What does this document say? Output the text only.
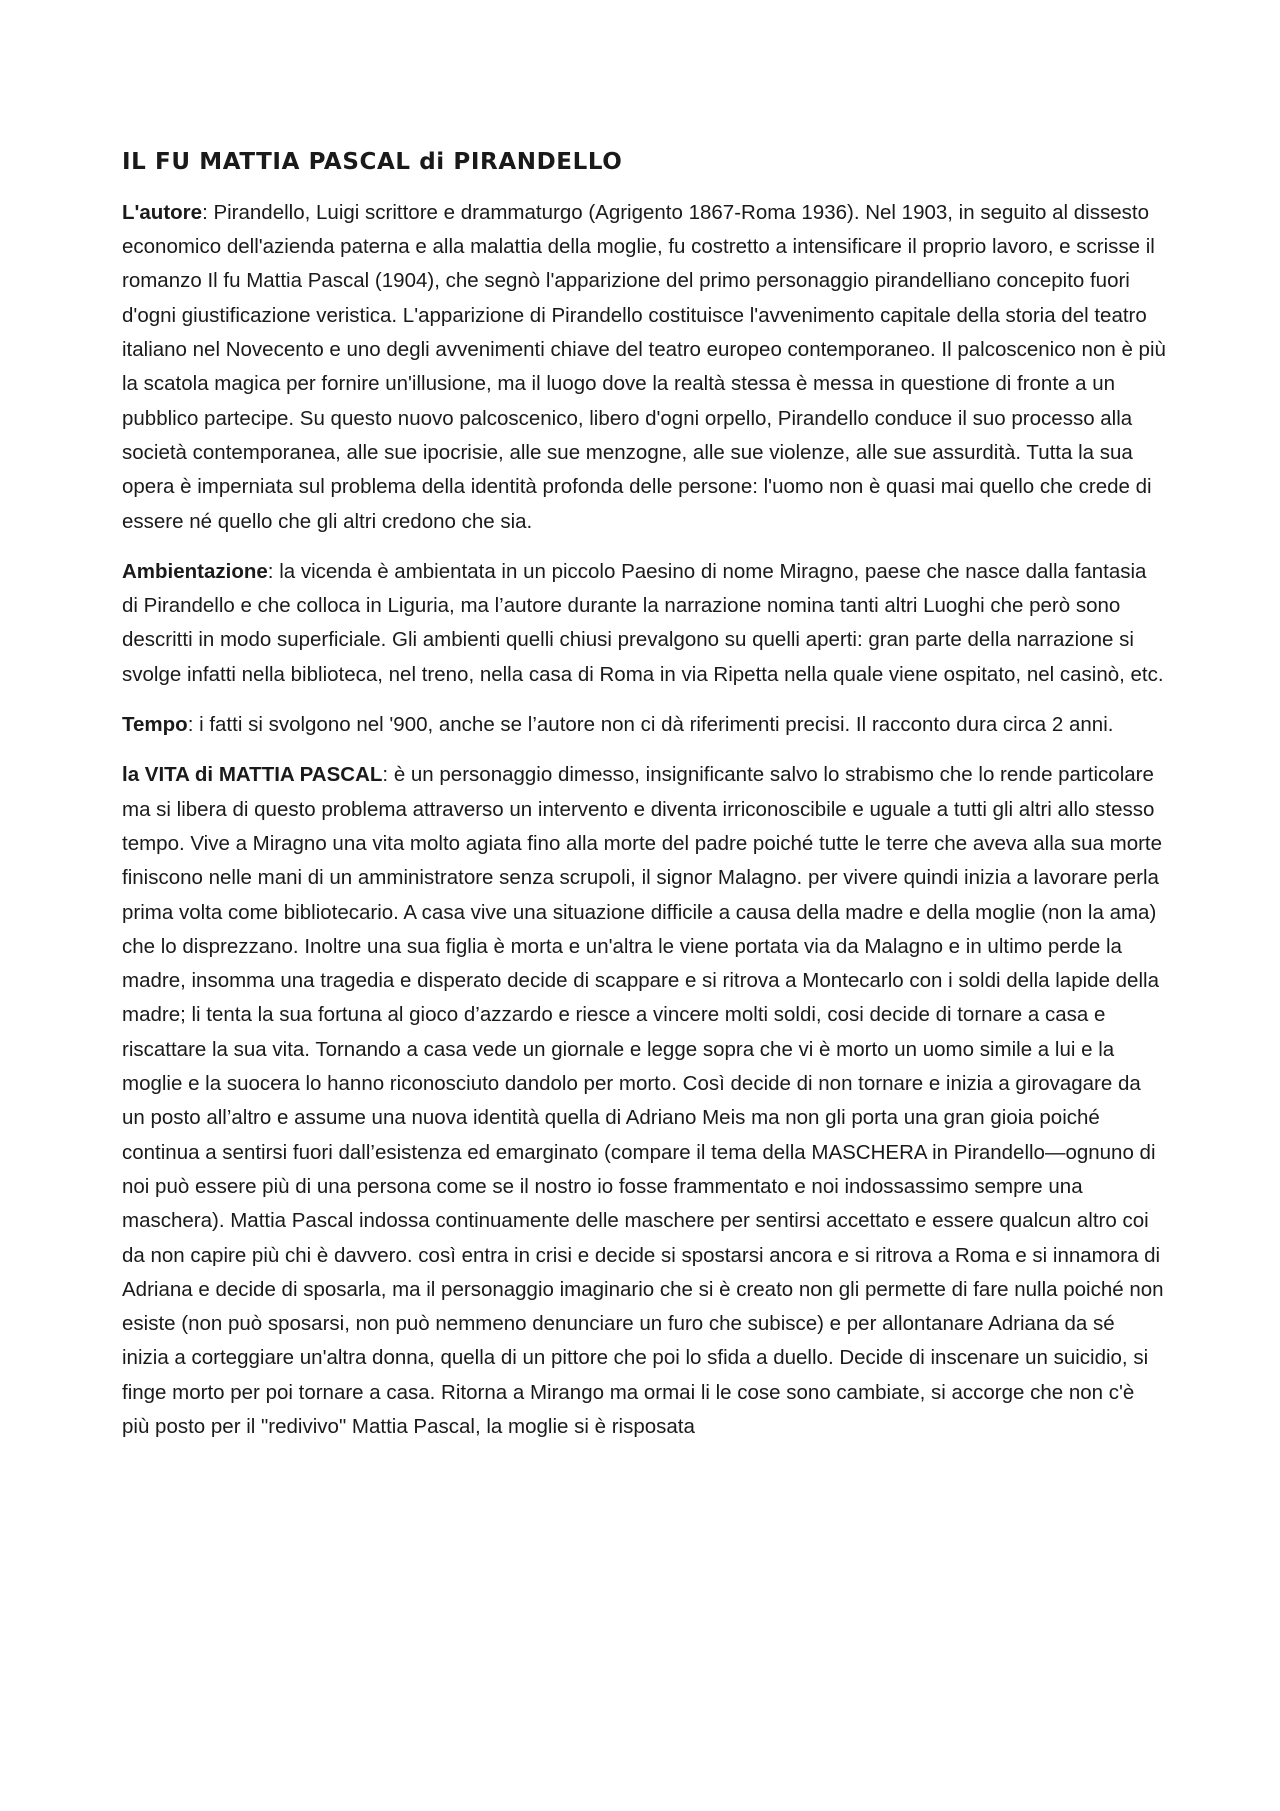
IL FU MATTIA PASCAL di PIRANDELLO

L'autore: Pirandello, Luigi scrittore e drammaturgo (Agrigento 1867-Roma 1936). Nel 1903, in seguito al dissesto economico dell'azienda paterna e alla malattia della moglie, fu costretto a intensificare il proprio lavoro, e scrisse il romanzo Il fu Mattia Pascal (1904), che segnò l'apparizione del primo personaggio pirandelliano concepito fuori d'ogni giustificazione veristica. L'apparizione di Pirandello costituisce l'avvenimento capitale della storia del teatro italiano nel Novecento e uno degli avvenimenti chiave del teatro europeo contemporaneo. Il palcoscenico non è più la scatola magica per fornire un'illusione, ma il luogo dove la realtà stessa è messa in questione di fronte a un pubblico partecipe. Su questo nuovo palcoscenico, libero d'ogni orpello, Pirandello conduce il suo processo alla società contemporanea, alle sue ipocrisie, alle sue menzogne, alle sue violenze, alle sue assurdità. Tutta la sua opera è imperniata sul problema della identità profonda delle persone: l'uomo non è quasi mai quello che crede di essere né quello che gli altri credono che sia.

Ambientazione: la vicenda è ambientata in un piccolo Paesino di nome Miragno, paese che nasce dalla fantasia di Pirandello e che colloca in Liguria, ma l’autore durante la narrazione nomina tanti altri Luoghi che però sono descritti in modo superficiale. Gli ambienti quelli chiusi prevalgono su quelli aperti: gran parte della narrazione si svolge infatti nella biblioteca, nel treno, nella casa di Roma in via Ripetta nella quale viene ospitato, nel casinò, etc.

Tempo: i fatti si svolgono nel '900, anche se l’autore non ci dà riferimenti precisi. Il racconto dura circa 2 anni.

la VITA di MATTIA PASCAL: è un personaggio dimesso, insignificante salvo lo strabismo che lo rende particolare ma si libera di questo problema attraverso un intervento e diventa irriconoscibile e uguale a tutti gli altri allo stesso tempo. Vive a Miragno una vita molto agiata fino alla morte del padre poiché tutte le terre che aveva alla sua morte finiscono nelle mani di un amministratore senza scrupoli, il signor Malagno. per vivere quindi inizia a lavorare perla prima volta come bibliotecario. A casa vive una situazione difficile a causa della madre e della moglie (non la ama) che lo disprezzano. Inoltre una sua figlia è morta e un'altra le viene portata via da Malagno e in ultimo perde la madre, insomma una tragedia e disperato decide di scappare e si ritrova a Montecarlo con i soldi della lapide della madre; li tenta la sua fortuna al gioco d’azzardo e riesce a vincere molti soldi, cosi decide di tornare a casa e riscattare la sua vita. Tornando a casa vede un giornale e legge sopra che vi è morto un uomo simile a lui e la moglie e la suocera lo hanno riconosciuto dandolo per morto. Così decide di non tornare e inizia a girovagare da un posto all’altro e assume una nuova identità quella di Adriano Meis ma non gli porta una gran gioia poiché continua a sentirsi fuori dall’esistenza ed emarginato (compare il tema della MASCHERA in Pirandello—ognuno di noi può essere più di una persona come se il nostro io fosse frammentato e noi indossassimo sempre una maschera). Mattia Pascal indossa continuamente delle maschere per sentirsi accettato e essere qualcun altro coi da non capire più chi è davvero. così entra in crisi e decide si spostarsi ancora e si ritrova a Roma e si innamora di Adriana e decide di sposarla, ma il personaggio imaginario che si è creato non gli permette di fare nulla poiché non esiste (non può sposarsi, non può nemmeno denunciare un furo che subisce) e per allontanare Adriana da sé inizia a corteggiare un'altra donna, quella di un pittore che poi lo sfida a duello. Decide di inscenare un suicidio, si finge morto per poi tornare a casa. Ritorna a Mirango ma ormai li le cose sono cambiate, si accorge che non c'è più posto per il "redivivo" Mattia Pascal, la moglie si è risposata
